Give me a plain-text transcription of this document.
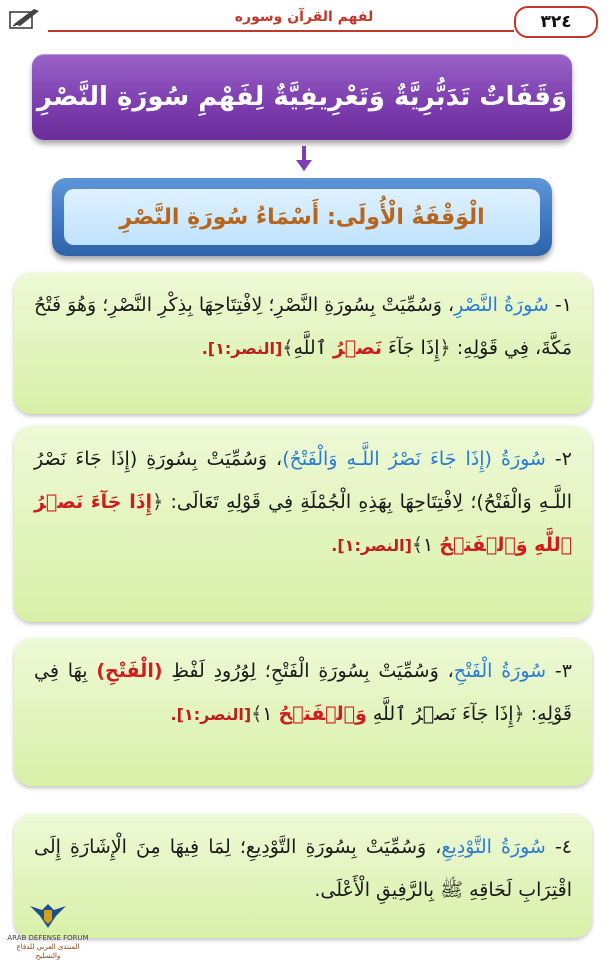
٣٢٤
لفهم القرآن وسوره
وَقَفَاتٌ تَدَبُّرِيَّةٌ وَتَعْرِيفِيَّةٌ لِفَهْمِ سُورَةِ النَّصْرِ
الْوَقْفَةُ الْأُولَى: أَسْمَاءُ سُورَةِ النَّصْرِ
١- سُورَةُ النَّصْرِ، وَسُمِّيَتْ بِسُورَةِ النَّصْرِ؛ لِافْتِتَاحِهَا بِذِكْرِ النَّصْرِ؛ وَهُوَ فَتْحُ مَكَّةَ، فِي قَوْلِهِ: ﴿إِذَا جَآءَ نَصۡرُ ٱللَّهِ﴾[النصر:١].
٢- سُورَةُ (إِذَا جَاءَ نَصْرُ اللَّـهِ وَالْفَتْحُ)، وَسُمِّيَتْ بِسُورَةِ (إِذَا جَاءَ نَصْرُ اللَّـهِ وَالْفَتْحُ)؛ لِافْتِتَاحِهَا بِهَذِهِ الْجُمْلَةِ فِي قَوْلِهِ تَعَالَى: ﴿إِذَا جَآءَ نَصۡرُ ٱللَّهِ وَٱلۡفَتۡحُ ١﴾[النصر:١].
٣- سُورَةُ الْفَتْحِ، وَسُمِّيَتْ بِسُورَةِ الْفَتْحِ؛ لِوُرُودِ لَفْظِ (الْفَتْحِ) بِهَا فِي قَوْلِهِ: ﴿إِذَا جَآءَ نَصۡرُ ٱللَّهِ وَٱلۡفَتۡحُ ١﴾[النصر:١].
٤- سُورَةُ التَّوْدِيعِ، وَسُمِّيَتْ بِسُورَةِ التَّوْدِيعِ؛ لِمَا فِيهَا مِنَ الْإِشَارَةِ إِلَى اقْتِرَابِ لَحَاقِهِ ﷺ بِالرَّفِيقِ الْأَعْلَى.
ARAB DEFENSE FORUM
المنتدى العربي للدفاع والتسليح
